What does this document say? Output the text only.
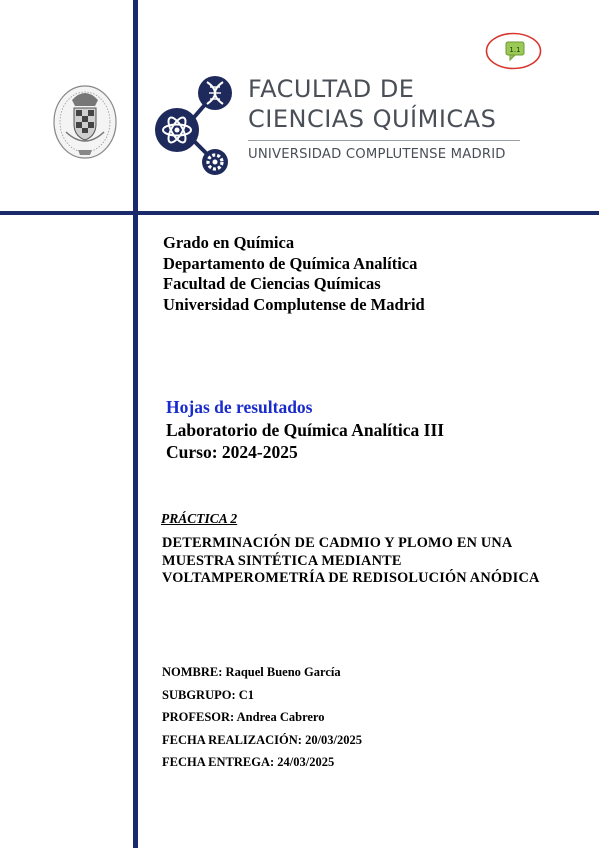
FACULTAD DE
CIENCIAS QUÍMICAS
UNIVERSIDAD COMPLUTENSE MADRID
1.1
Grado en Química
Departamento de Química Analítica
Facultad de Ciencias Químicas
Universidad Complutense de Madrid
Hojas de resultados
Laboratorio de Química Analítica III
Curso: 2024-2025
PRÁCTICA 2
DETERMINACIÓN DE CADMIO Y PLOMO EN UNA MUESTRA SINTÉTICA MEDIANTE VOLTAMPEROMETRÍA DE REDISOLUCIÓN ANÓDICA
NOMBRE: Raquel Bueno García
SUBGRUPO: C1
PROFESOR: Andrea Cabrero
FECHA REALIZACIÓN: 20/03/2025
FECHA ENTREGA: 24/03/2025
